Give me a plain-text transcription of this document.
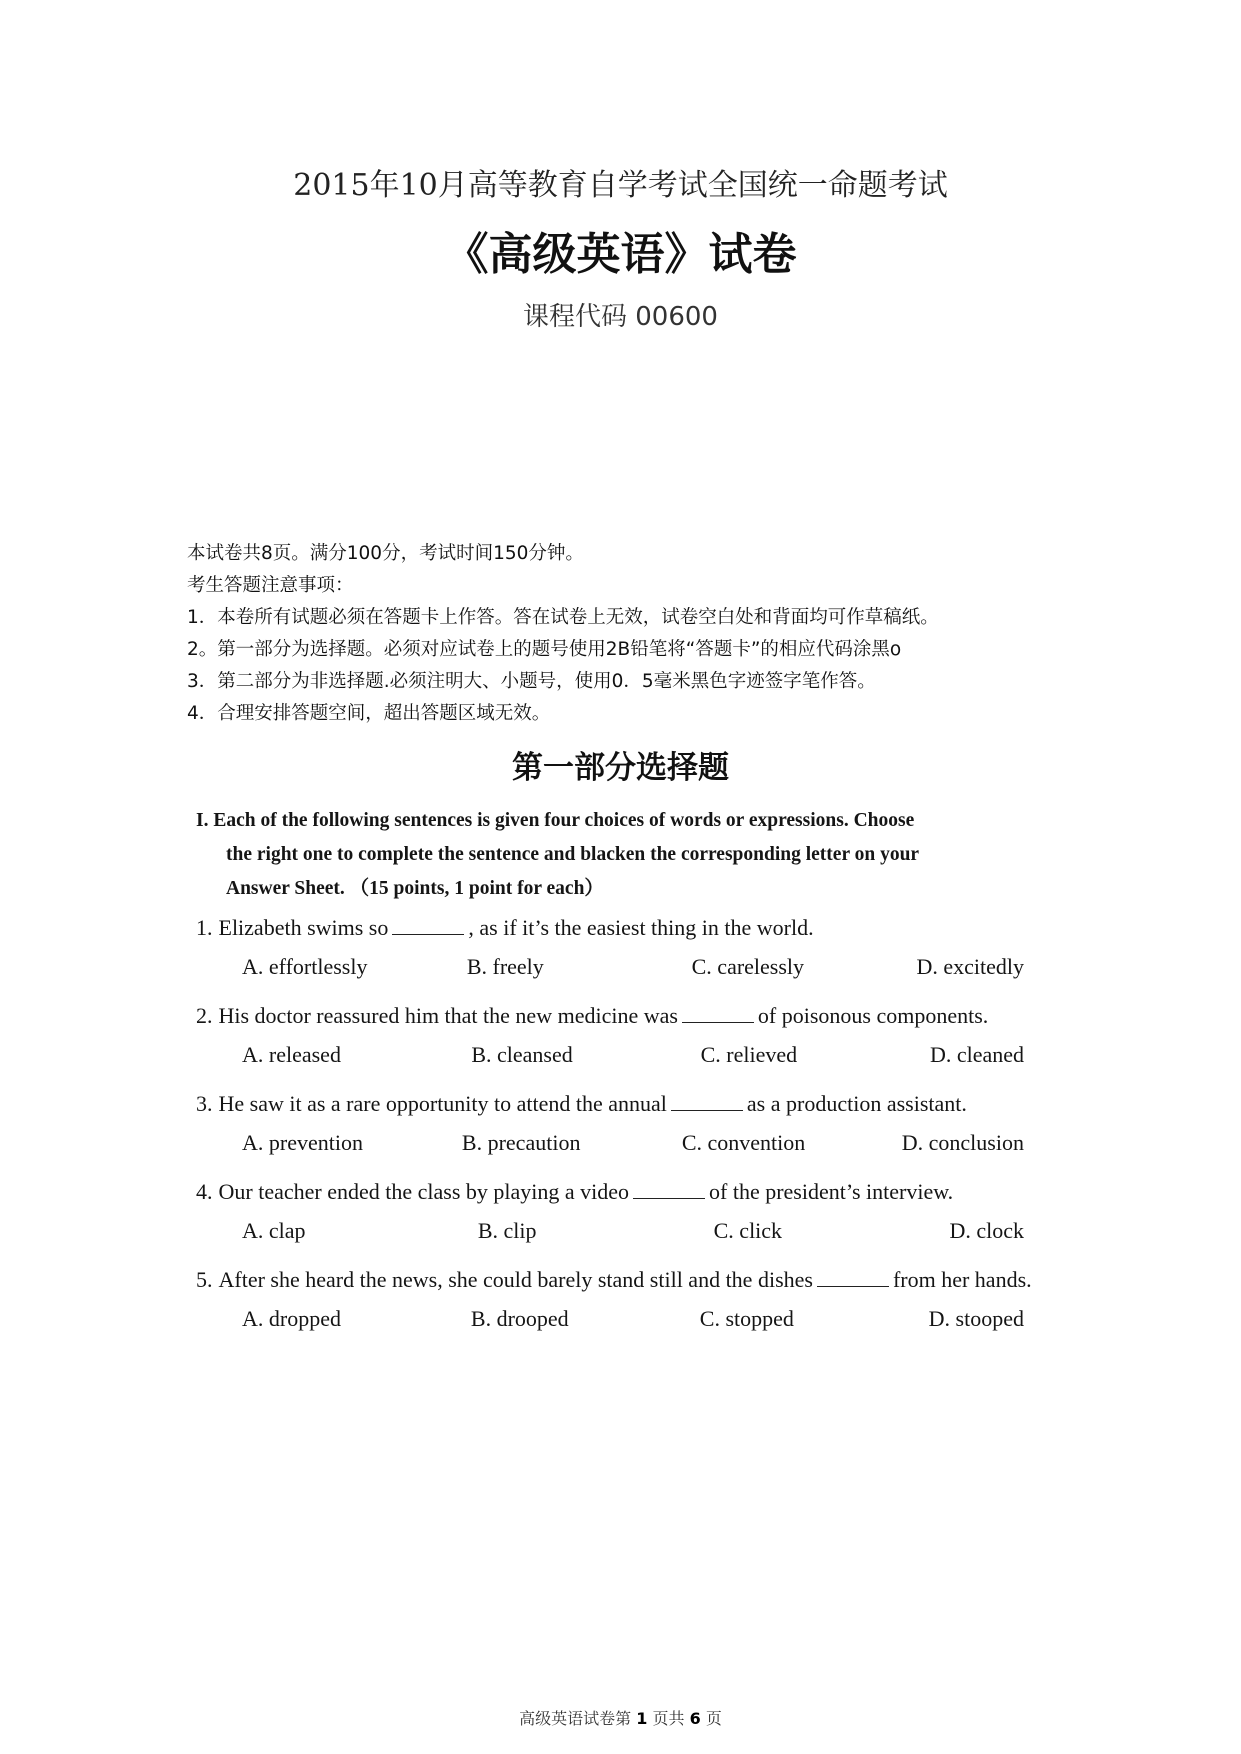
2015年10月高等教育自学考试全国统一命题考试
《高级英语》试卷
课程代码 00600
本试卷共8页。满分100分，考试时间150分钟。
考生答题注意事项：
1．本卷所有试题必须在答题卡上作答。答在试卷上无效，试卷空白处和背面均可作草稿纸。
2。第一部分为选择题。必须对应试卷上的题号使用2B铅笔将“答题卡”的相应代码涂黑ο
3．第二部分为非选择题.必须注明大、小题号，使用0．5毫米黑色字迹签字笔作答。
4．合理安排答题空间，超出答题区域无效。
第一部分选择题
I. Each of the following sentences is given four choices of words or expressions. Choose
the right one to complete the sentence and blacken the corresponding letter on your
Answer Sheet. （15 points, 1 point for each）
1. Elizabeth swims so	, as if it’s the easiest thing in the world.
A. effortlessly	B. freely	C. carelessly	D. excitedly
2. His doctor reassured him that the new medicine was	of poisonous components.
A. released	B. cleansed	C. relieved	D. cleaned
3. He saw it as a rare opportunity to attend the annual	as a production assistant.
A. prevention	B. precaution	C. convention	D. conclusion
4. Our teacher ended the class by playing a video	of the president’s interview.
A. clap	B. clip	C. click	D. clock
5. After she heard the news, she could barely stand still and the dishes	from her hands.
A. dropped	B. drooped	C. stopped	D. stooped
高级英语试卷第 1 页共 6 页
